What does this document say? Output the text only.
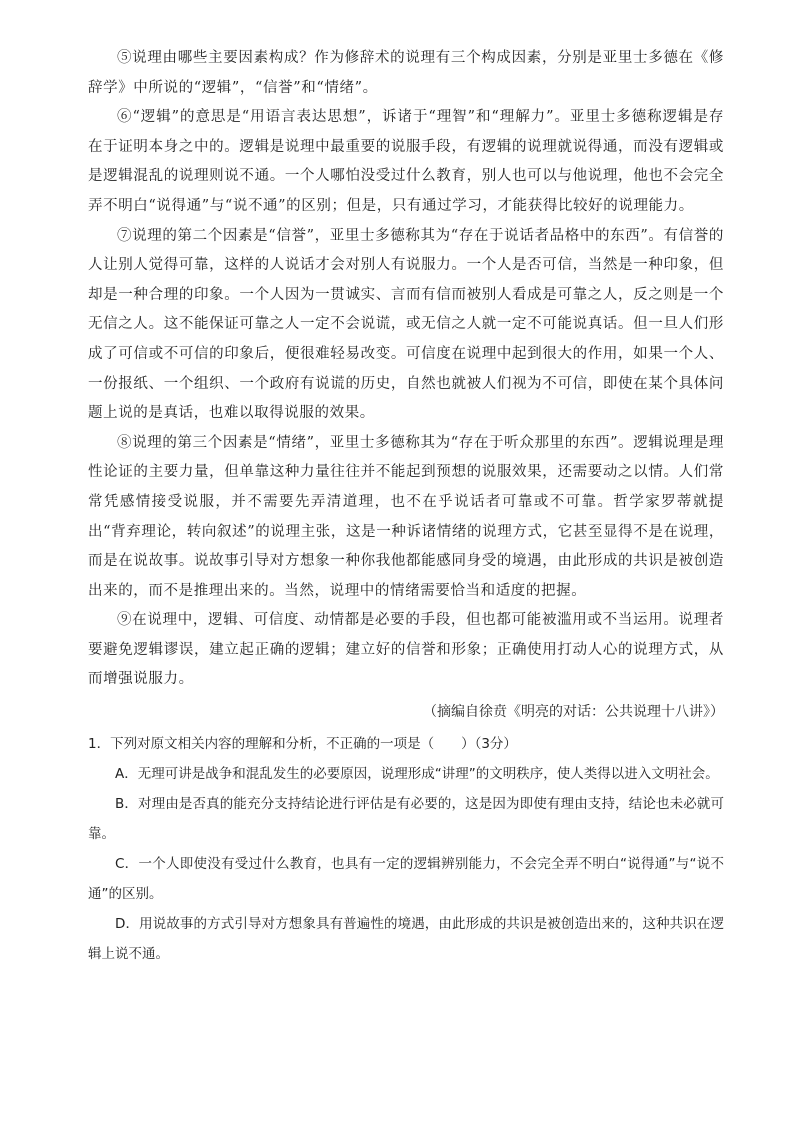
⑤说理由哪些主要因素构成？作为修辞术的说理有三个构成因素，分别是亚里士多德在《修辞学》中所说的“逻辑”，“信誉”和“情绪”。

⑥“逻辑”的意思是“用语言表达思想”，诉诸于“理智”和“理解力”。亚里士多德称逻辑是存在于证明本身之中的。逻辑是说理中最重要的说服手段，有逻辑的说理就说得通，而没有逻辑或是逻辑混乱的说理则说不通。一个人哪怕没受过什么教育，别人也可以与他说理，他也不会完全弄不明白“说得通”与“说不通”的区别；但是，只有通过学习，才能获得比较好的说理能力。

⑦说理的第二个因素是“信誉”，亚里士多德称其为“存在于说话者品格中的东西”。有信誉的人让别人觉得可靠，这样的人说话才会对别人有说服力。一个人是否可信，当然是一种印象，但却是一种合理的印象。一个人因为一贯诚实、言而有信而被别人看成是可靠之人，反之则是一个无信之人。这不能保证可靠之人一定不会说谎，或无信之人就一定不可能说真话。但一旦人们形成了可信或不可信的印象后，便很难轻易改变。可信度在说理中起到很大的作用，如果一个人、一份报纸、一个组织、一个政府有说谎的历史，自然也就被人们视为不可信，即使在某个具体问题上说的是真话，也难以取得说服的效果。

⑧说理的第三个因素是“情绪”，亚里士多德称其为“存在于听众那里的东西”。逻辑说理是理性论证的主要力量，但单靠这种力量往往并不能起到预想的说服效果，还需要动之以情。人们常常凭感情接受说服，并不需要先弄清道理，也不在乎说话者可靠或不可靠。哲学家罗蒂就提出“背弃理论，转向叙述”的说理主张，这是一种诉诸情绪的说理方式，它甚至显得不是在说理，而是在说故事。说故事引导对方想象一种你我他都能感同身受的境遇，由此形成的共识是被创造出来的，而不是推理出来的。当然，说理中的情绪需要恰当和适度的把握。

⑨在说理中，逻辑、可信度、动情都是必要的手段，但也都可能被滥用或不当运用。说理者要避免逻辑谬误，建立起正确的逻辑；建立好的信誉和形象；正确使用打动人心的说理方式，从而增强说服力。

（摘编自徐贲《明亮的对话：公共说理十八讲》）

1．下列对原文相关内容的理解和分析，不正确的一项是（　　）（3分）

A．无理可讲是战争和混乱发生的必要原因，说理形成“讲理”的文明秩序，使人类得以进入文明社会。

B．对理由是否真的能充分支持结论进行评估是有必要的，这是因为即使有理由支持，结论也未必就可靠。

C．一个人即使没有受过什么教育，也具有一定的逻辑辨别能力，不会完全弄不明白“说得通”与“说不通”的区别。

D．用说故事的方式引导对方想象具有普遍性的境遇，由此形成的共识是被创造出来的，这种共识在逻辑上说不通。
